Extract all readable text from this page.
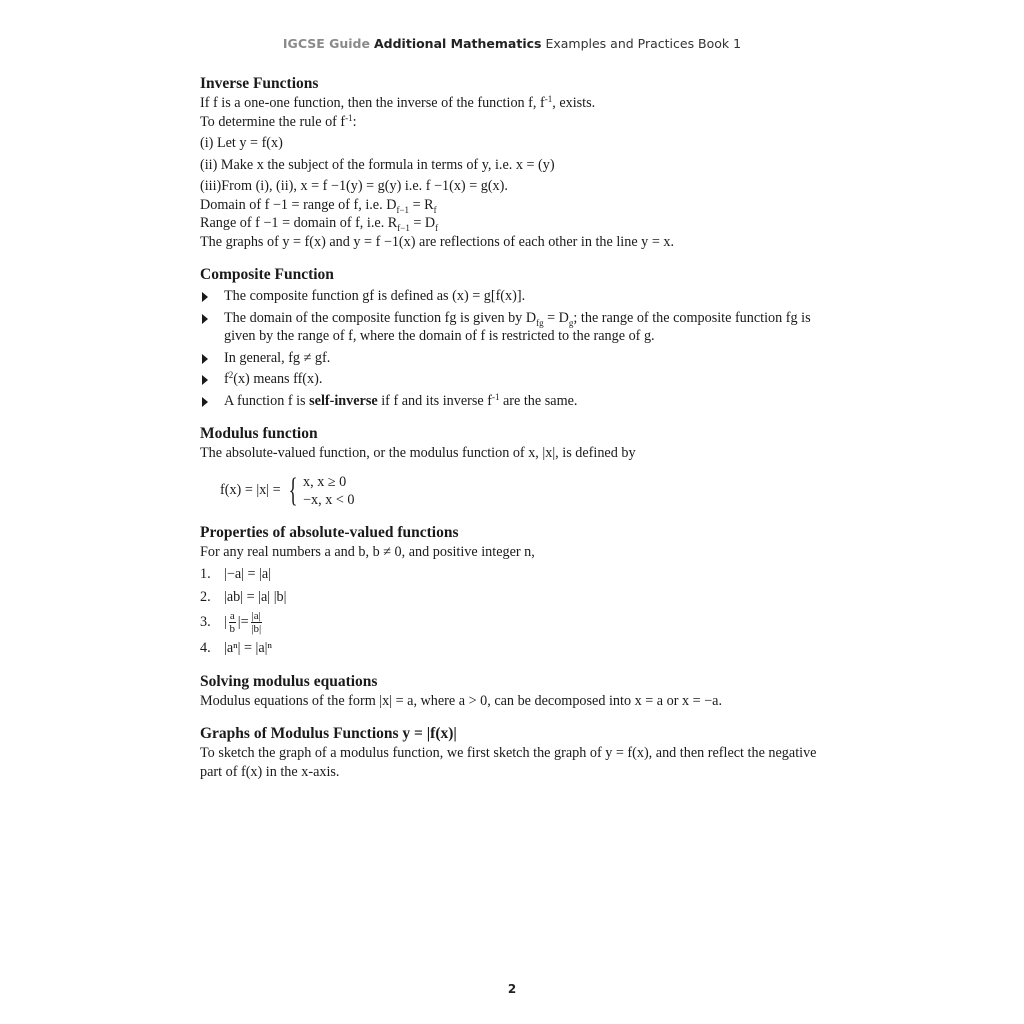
IGCSE Guide Additional Mathematics Examples and Practices Book 1
Inverse Functions

If f is a one-one function, then the inverse of the function f, $f^{-1}$, exists.

To determine the rule of $f^{-1}$:

(i) Let y = f(x)

(ii) Make x the subject of the formula in terms of y, i.e. x = (y)

(iii)From (i), (ii), x = f −1(y) = g(y) i.e. f −1(x) = g(x).

Domain of f −1 = range of f, i.e. $D_{f-1} = R_f$

Range of f −1 = domain of f, i.e. $R_{f-1} = D_f$

The graphs of y = f(x) and y = f −1(x) are reflections of each other in the line y = x.

Composite Function
The composite function gf is defined as (x) = g[f(x)].
The domain of the composite function fg is given by $D_{fg} = D_g$; the range of the composite function fg is given by the range of f, where the domain of f is restricted to the range of g.
In general, fg ≠ gf.
$f^2(x)$ means ff(x).
A function f is self-inverse if f and its inverse $f^{-1}$ are the same.
Modulus function

The absolute-valued function, or the modulus function of x, |x|, is defined by

f(x) = |x| = { x, x ≥ 0
−x, x < 0
Properties of absolute-valued functions

For any real numbers a and b, b ≠ 0, and positive integer n,

1. |−a| = |a|
2. |ab| = |a| |b|
3. | $\frac{a}{b}$ | = $\frac{|a|}{|b|}$
4. |aⁿ| = |a|ⁿ
Solving modulus equations

Modulus equations of the form |x| = a, where a > 0, can be decomposed into x = a or x = −a.

Graphs of Modulus Functions y = |f(x)|

To sketch the graph of a modulus function, we first sketch the graph of y = f(x), and then reflect the negative part of f(x) in the x-axis.

2
